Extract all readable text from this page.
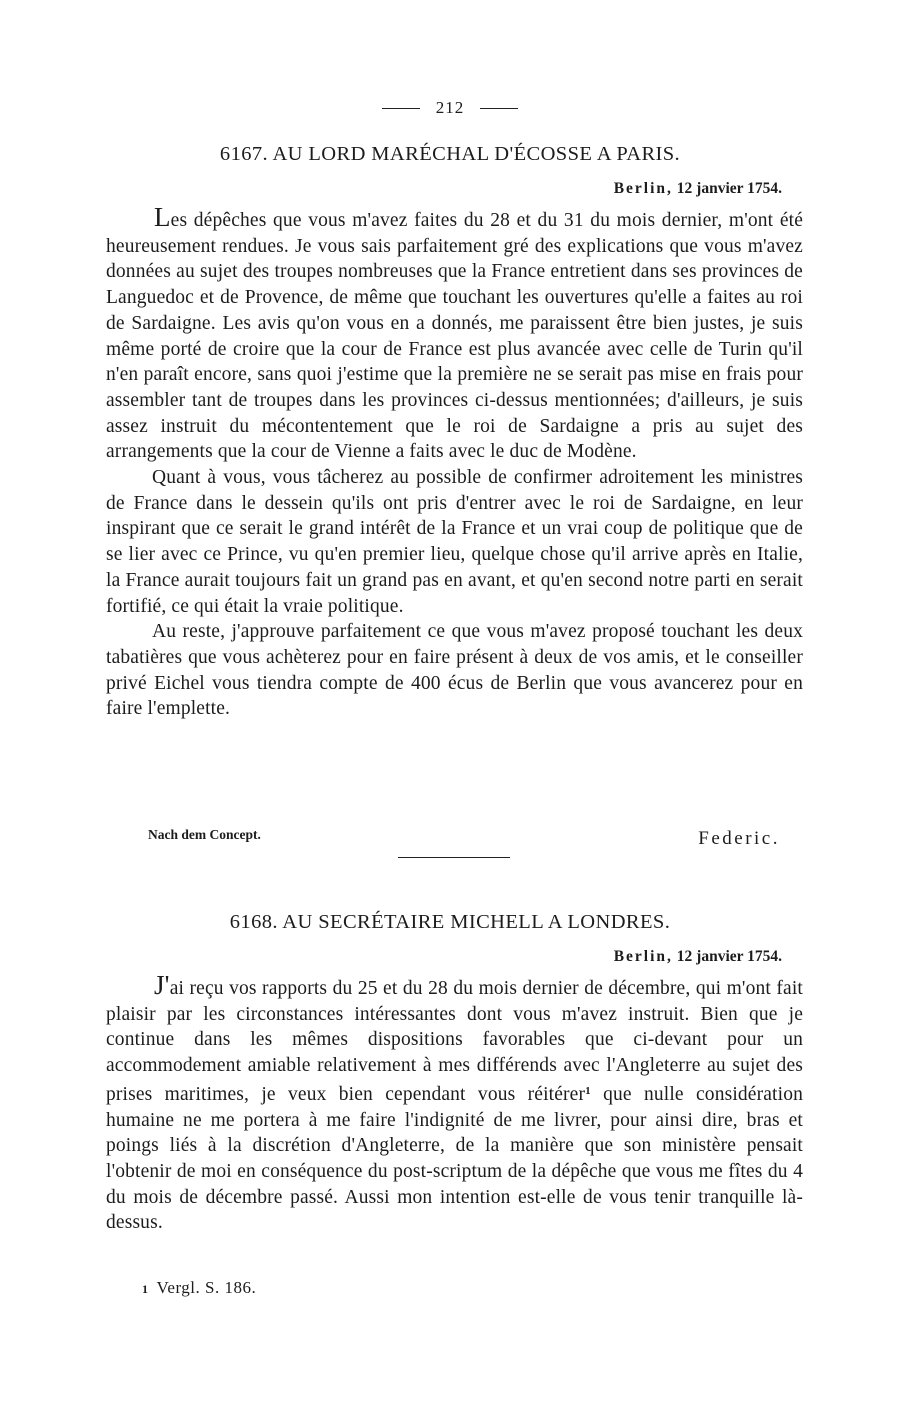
212
6167. AU LORD MARÉCHAL D'ÉCOSSE A PARIS.
Berlin, 12 janvier 1754.

Les dépêches que vous m'avez faites du 28 et du 31 du mois dernier, m'ont été heureusement rendues. Je vous sais parfaitement gré des explications que vous m'avez données au sujet des troupes nombreuses que la France entretient dans ses provinces de Languedoc et de Provence, de même que touchant les ouvertures qu'elle a faites au roi de Sardaigne. Les avis qu'on vous en a donnés, me paraissent être bien justes, je suis même porté de croire que la cour de France est plus avancée avec celle de Turin qu'il n'en paraît encore, sans quoi j'estime que la première ne se serait pas mise en frais pour assembler tant de troupes dans les provinces ci-dessus mentionnées; d'ailleurs, je suis assez instruit du mécontentement que le roi de Sardaigne a pris au sujet des arrangements que la cour de Vienne a faits avec le duc de Modène.

Quant à vous, vous tâcherez au possible de confirmer adroitement les ministres de France dans le dessein qu'ils ont pris d'entrer avec le roi de Sardaigne, en leur inspirant que ce serait le grand intérêt de la France et un vrai coup de politique que de se lier avec ce Prince, vu qu'en premier lieu, quelque chose qu'il arrive après en Italie, la France aurait toujours fait un grand pas en avant, et qu'en second notre parti en serait fortifié, ce qui était la vraie politique.

Au reste, j'approuve parfaitement ce que vous m'avez proposé touchant les deux tabatières que vous achèterez pour en faire présent à deux de vos amis, et le conseiller privé Eichel vous tiendra compte de 400 écus de Berlin que vous avancerez pour en faire l'emplette.

Nach dem Concept.	Federic.
6168. AU SECRÉTAIRE MICHELL A LONDRES.
Berlin, 12 janvier 1754.

J'ai reçu vos rapports du 25 et du 28 du mois dernier de décembre, qui m'ont fait plaisir par les circonstances intéressantes dont vous m'avez instruit. Bien que je continue dans les mêmes dispositions favorables que ci-devant pour un accommodement amiable relativement à mes différends avec l'Angleterre au sujet des prises maritimes, je veux bien cependant vous réitérer$^1$ que nulle considération humaine ne me portera à me faire l'indignité de me livrer, pour ainsi dire, bras et poings liés à la discrétion d'Angleterre, de la manière que son ministère pensait l'obtenir de moi en conséquence du post-scriptum de la dépêche que vous me fîtes du 4 du mois de décembre passé. Aussi mon intention est-elle de vous tenir tranquille là-dessus.

1 Vergl. S. 186.
